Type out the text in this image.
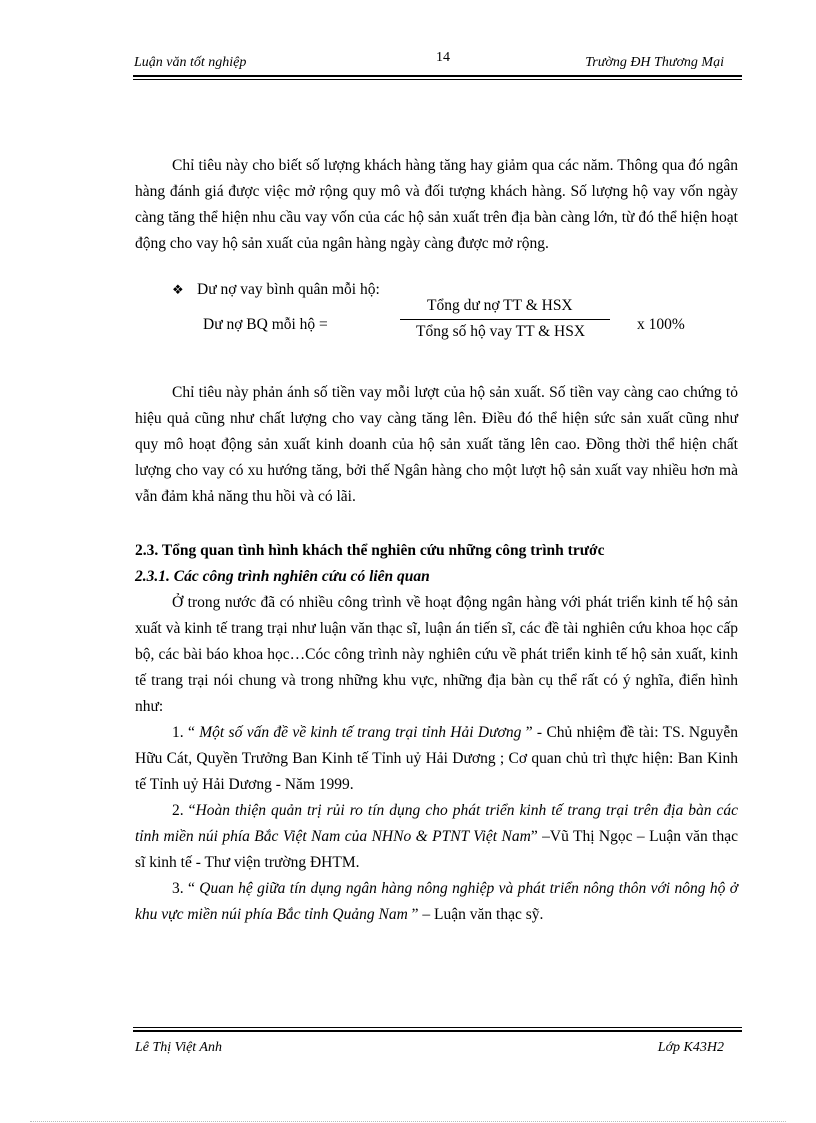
Luận văn tốt nghiệp	14	Trường ĐH Thương Mại

Chỉ tiêu này cho biết số lượng khách hàng tăng hay giảm qua các năm. Thông qua đó ngân hàng đánh giá được việc mở rộng quy mô và đối tượng khách hàng. Số lượng hộ vay vốn ngày càng tăng thể hiện nhu cầu vay vốn của các hộ sản xuất trên địa bàn càng lớn, từ đó thể hiện hoạt động cho vay hộ sản xuất của ngân hàng ngày càng được mở rộng.

❖ Dư nợ vay bình quân mỗi hộ:

Dư nợ BQ mỗi hộ =
Tổng dư nợ TT & HSX
Tổng số hộ vay TT & HSX	x 100%

Chỉ tiêu này phản ánh số tiền vay mỗi lượt của hộ sản xuất. Số tiền vay càng cao chứng tỏ hiệu quả cũng như chất lượng cho vay càng tăng lên. Điều đó thể hiện sức sản xuất cũng như quy mô hoạt động sản xuất kinh doanh của hộ sản xuất tăng lên cao. Đồng thời thể hiện chất lượng cho vay có xu hướng tăng, bởi thế Ngân hàng cho một lượt hộ sản xuất vay nhiều hơn mà vẫn đảm khả năng thu hồi và có lãi.

2.3. Tổng quan tình hình khách thể nghiên cứu những công trình trước

2.3.1. Các công trình nghiên cứu có liên quan

Ở trong nước đã có nhiều công trình về hoạt động ngân hàng với phát triển kinh tế hộ sản xuất và kinh tế trang trại như luận văn thạc sĩ, luận án tiến sĩ, các đề tài nghiên cứu khoa học cấp bộ, các bài báo khoa học…Cóc công trình này nghiên cứu về phát triển kinh tế hộ sản xuất, kinh tế trang trại nói chung và trong những khu vực, những địa bàn cụ thể rất có ý nghĩa, điển hình như:

1. “ Một số vấn đề về kinh tế trang trại tỉnh Hải Dương ” - Chủ nhiệm đề tài: TS. Nguyễn Hữu Cát, Quyền Trưởng Ban Kinh tế Tỉnh uỷ Hải Dương ; Cơ quan chủ trì thực hiện: Ban Kinh tế Tỉnh uỷ Hải Dương - Năm 1999.

2. “Hoàn thiện quản trị rủi ro tín dụng cho phát triển kinh tế trang trại trên địa bàn các tỉnh miền núi phía Bắc Việt Nam của NHNo & PTNT Việt Nam” –Vũ Thị Ngọc – Luận văn thạc sĩ kinh tế - Thư viện trường ĐHTM.

3. “ Quan hệ giữa tín dụng ngân hàng nông nghiệp và phát triển nông thôn với nông hộ ở khu vực miền núi phía Bắc tỉnh Quảng Nam ” – Luận văn thạc sỹ.

Lê Thị Việt Anh	Lớp K43H2
